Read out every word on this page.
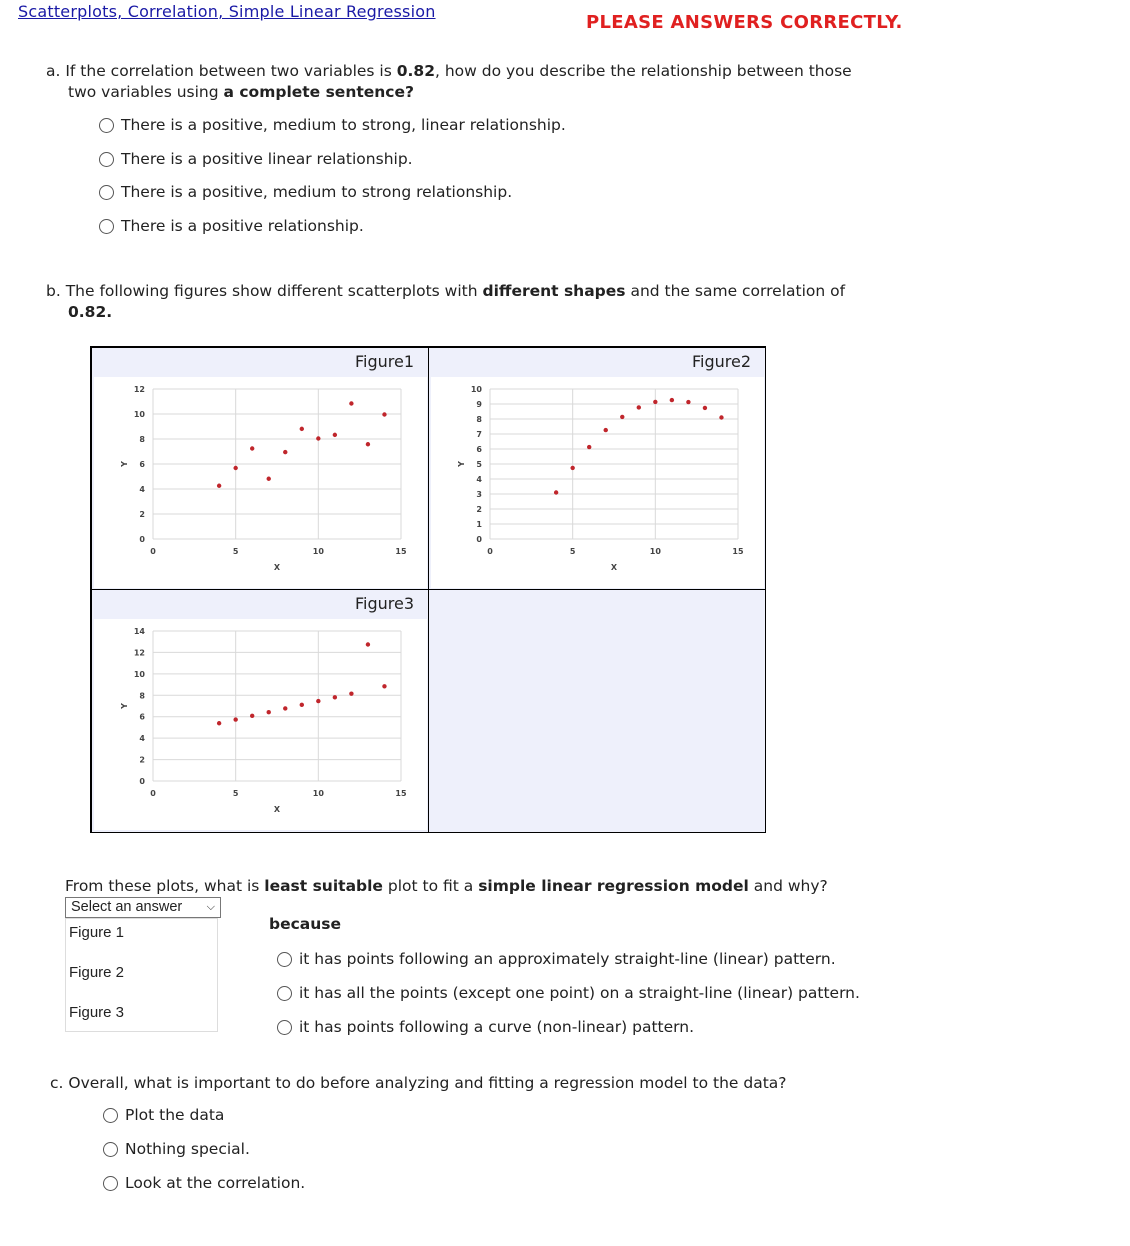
Scatterplots, Correlation, Simple Linear Regression
PLEASE ANSWERS CORRECTLY.
a. If the correlation between two variables is 0.82, how do you describe the relationship between those
two variables using a complete sentence?
There is a positive, medium to strong, linear relationship.
There is a positive linear relationship.
There is a positive, medium to strong relationship.
There is a positive relationship.
b. The following figures show different scatterplots with different shapes and the same correlation of
0.82.
Figure1
0
2
4
6
8
10
12
0	5	10	15
X
Y
Figure2
0
1
2
3
4
5
6
7
8
9
10
0	5	10	15
X
Y
Figure3
0
2
4
6
8
10
12
14
0	5	10	15
X
Y
From these plots, what is least suitable plot to fit a simple linear regression model and why?
Select an answer ⌵
Figure 1
Figure 2
Figure 3
because
it has points following an approximately straight-line (linear) pattern.
it has all the points (except one point) on a straight-line (linear) pattern.
it has points following a curve (non-linear) pattern.
c. Overall, what is important to do before analyzing and fitting a regression model to the data?
Plot the data
Nothing special.
Look at the correlation.
